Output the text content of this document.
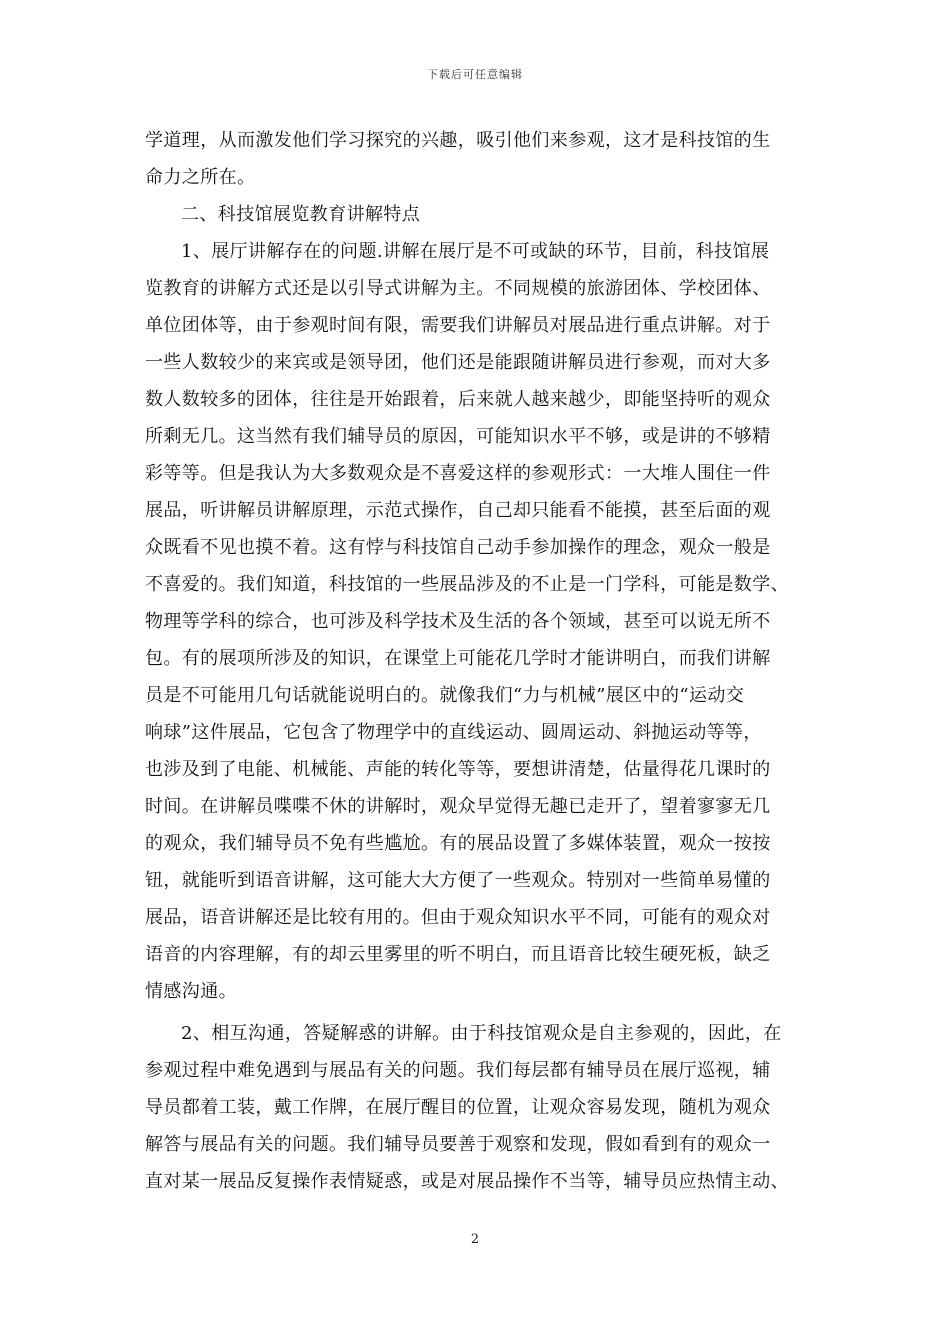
下载后可任意编辑
学道理，从而激发他们学习探究的兴趣，吸引他们来参观，这才是科技馆的生
命力之所在。
二、科技馆展览教育讲解特点
1、展厅讲解存在的问题.讲解在展厅是不可或缺的环节，目前，科技馆展
览教育的讲解方式还是以引导式讲解为主。不同规模的旅游团体、学校团体、
单位团体等，由于参观时间有限，需要我们讲解员对展品进行重点讲解。对于
一些人数较少的来宾或是领导团，他们还是能跟随讲解员进行参观，而对大多
数人数较多的团体，往往是开始跟着，后来就人越来越少，即能坚持听的观众
所剩无几。这当然有我们辅导员的原因，可能知识水平不够，或是讲的不够精
彩等等。但是我认为大多数观众是不喜爱这样的参观形式：一大堆人围住一件
展品，听讲解员讲解原理，示范式操作，自己却只能看不能摸，甚至后面的观
众既看不见也摸不着。这有悖与科技馆自己动手参加操作的理念，观众一般是
不喜爱的。我们知道，科技馆的一些展品涉及的不止是一门学科，可能是数学、
物理等学科的综合，也可涉及科学技术及生活的各个领域，甚至可以说无所不
包。有的展项所涉及的知识，在课堂上可能花几学时才能讲明白，而我们讲解
员是不可能用几句话就能说明白的。就像我们“力与机械”展区中的“运动交
响球”这件展品，它包含了物理学中的直线运动、圆周运动、斜抛运动等等，
也涉及到了电能、机械能、声能的转化等等，要想讲清楚，估量得花几课时的
时间。在讲解员喋喋不休的讲解时，观众早觉得无趣已走开了，望着寥寥无几
的观众，我们辅导员不免有些尴尬。有的展品设置了多媒体装置，观众一按按
钮，就能听到语音讲解，这可能大大方便了一些观众。特别对一些简单易懂的
展品，语音讲解还是比较有用的。但由于观众知识水平不同，可能有的观众对
语音的内容理解，有的却云里雾里的听不明白，而且语音比较生硬死板，缺乏
情感沟通。
2、相互沟通，答疑解惑的讲解。由于科技馆观众是自主参观的，因此，在
参观过程中难免遇到与展品有关的问题。我们每层都有辅导员在展厅巡视，辅
导员都着工装，戴工作牌，在展厅醒目的位置，让观众容易发现，随机为观众
解答与展品有关的问题。我们辅导员要善于观察和发现，假如看到有的观众一
直对某一展品反复操作表情疑惑，或是对展品操作不当等，辅导员应热情主动、
2
